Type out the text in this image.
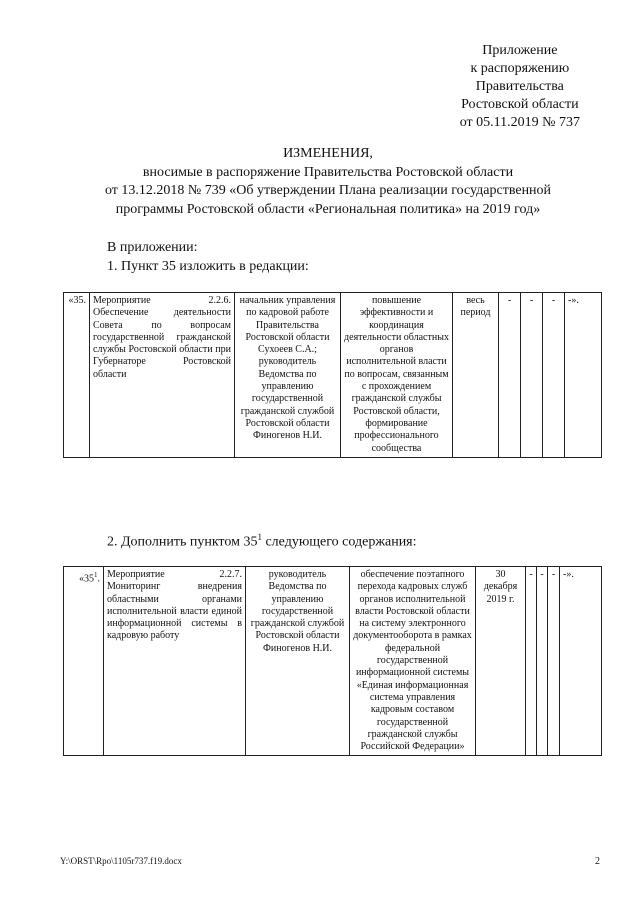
Приложение
к распоряжению
Правительства
Ростовской области
от 05.11.2019 № 737
ИЗМЕНЕНИЯ,
вносимые в распоряжение Правительства Ростовской области
от 13.12.2018 № 739 «Об утверждении Плана реализации государственной
программы Ростовской области «Региональная политика» на 2019 год»
В приложении:
1. Пункт 35 изложить в редакции:
«35.	Мероприятие 2.2.6. Обеспечение деятельности Совета по вопросам государственной гражданской службы Ростовской области при Губернаторе Ростовской области	начальник управления по кадровой работе Правительства Ростовской области Сухоеев С.А.; руководитель Ведомства по управлению государственной гражданской службой Ростовской области Финогенов Н.И.	повышение эффективности и координация деятельности областных органов исполнительной власти по вопросам, связанным с прохождением гражданской службы Ростовской области, формирование профессионального сообщества	весь период	-	-	-	-».
2. Дополнить пунктом $35^1$ следующего содержания:
«$35^1$.	Мероприятие 2.2.7. Мониторинг внедрения областными органами исполнительной власти единой информационной системы в кадровую работу	руководитель Ведомства по управлению государственной гражданской службой Ростовской области Финогенов Н.И.	обеспечение поэтапного перехода кадровых служб органов исполнительной власти Ростовской области на систему электронного документооборота в рамках федеральной государственной информационной системы «Единая информационная система управления кадровым составом государственной гражданской службы Российской Федерации»	30 декабря 2019 г.	-	-	-	-».
Y:\ORST\Rpo\1105r737.f19.docx	2
